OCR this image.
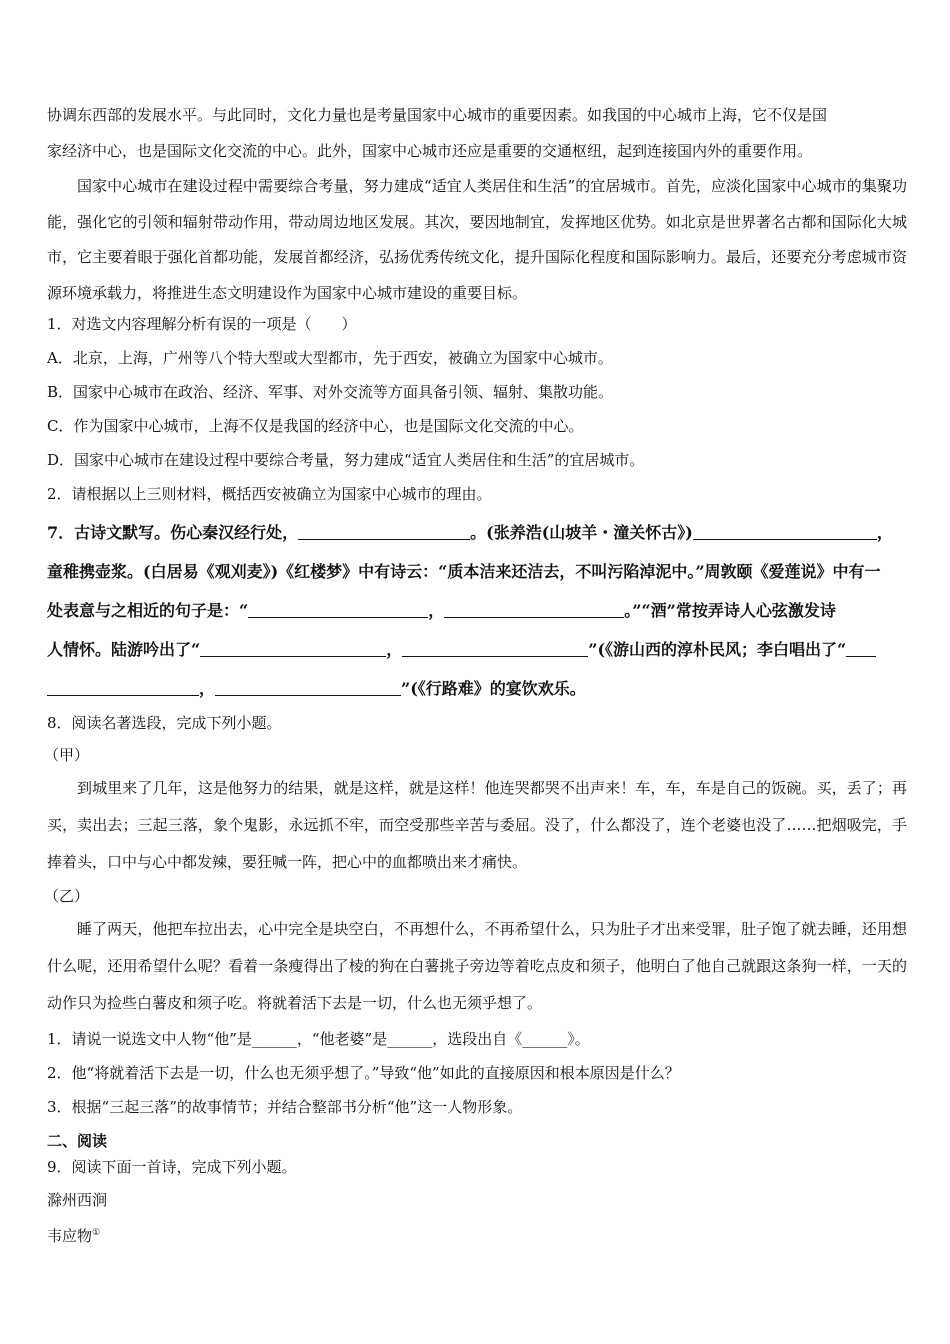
协调东西部的发展水平。与此同时，文化力量也是考量国家中心城市的重要因素。如我国的中心城市上海，它不仅是国

家经济中心，也是国际文化交流的中心。此外，国家中心城市还应是重要的交通枢纽，起到连接国内外的重要作用。

国家中心城市在建设过程中需要综合考量，努力建成“适宜人类居住和生活”的宜居城市。首先，应淡化国家中心城市的集聚功能，强化它的引领和辐射带动作用，带动周边地区发展。其次，要因地制宜，发挥地区优势。如北京是世界著名古都和国际化大城市，它主要着眼于强化首都功能，发展首都经济，弘扬优秀传统文化，提升国际化程度和国际影响力。最后，还要充分考虑城市资源环境承载力，将推进生态文明建设作为国家中心城市建设的重要目标。

1．对选文内容理解分析有误的一项是（　　）

A．北京，上海，广州等八个特大型或大型都市，先于西安，被确立为国家中心城市。

B．国家中心城市在政治、经济、军事、对外交流等方面具备引领、辐射、集散功能。

C．作为国家中心城市，上海不仅是我国的经济中心，也是国际文化交流的中心。

D．国家中心城市在建设过程中要综合考量，努力建成“适宜人类居住和生活”的宜居城市。

2．请根据以上三则材料，概括西安被确立为国家中心城市的理由。

7．古诗文默写。伤心秦汉经行处，	。(张养浩(山坡羊・潼关怀古》)	，

童稚携壶浆。(白居易《观刈麦》)《红楼梦》中有诗云：“质本洁来还洁去，不叫污陷淖泥中。”周敦颐《爱莲说》中有一

处表意与之相近的句子是：“	，	。”“酒”常按弄诗人心弦激发诗

人情怀。陆游吟出了“	，	”(《游山西的淳朴民风；李白唱出了“

，	”(《行路难》的宴饮欢乐。

8．阅读名著选段，完成下列小题。

（甲）

到城里来了几年，这是他努力的结果，就是这样，就是这样！他连哭都哭不出声来！车，车，车是自己的饭碗。买，丢了；再买，卖出去；三起三落，象个鬼影，永远抓不牢，而空受那些辛苦与委屈。没了，什么都没了，连个老婆也没了……把烟吸完，手捧着头，口中与心中都发辣，要狂喊一阵，把心中的血都喷出来才痛快。

（乙）

睡了两天，他把车拉出去，心中完全是块空白，不再想什么，不再希望什么，只为肚子才出来受罪，肚子饱了就去睡，还用想什么呢，还用希望什么呢？看着一条瘦得出了棱的狗在白薯挑子旁边等着吃点皮和须子，他明白了他自己就跟这条狗一样，一天的动作只为捡些白薯皮和须子吃。将就着活下去是一切，什么也无须乎想了。

1．请说一说选文中人物“他”是______，“他老婆”是______，选段出自《______》。

2．他“将就着活下去是一切，什么也无须乎想了。”导致“他”如此的直接原因和根本原因是什么？

3．根据“三起三落”的故事情节；并结合整部书分析“他”这一人物形象。

二、阅读

9．阅读下面一首诗，完成下列小题。

滁州西涧

韦应物①
